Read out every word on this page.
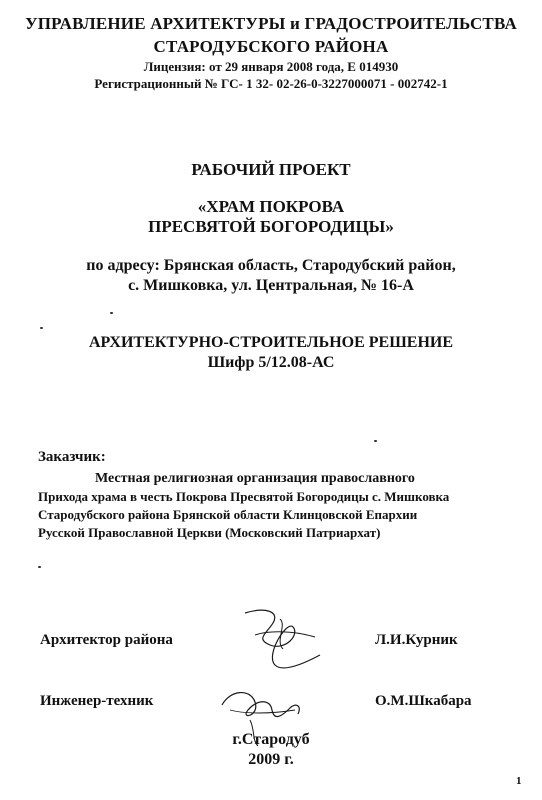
УПРАВЛЕНИЕ АРХИТЕКТУРЫ и ГРАДОСТРОИТЕЛЬСТВА
СТАРОДУБСКОГО РАЙОНА
Лицензия: от 29 января 2008 года, Е 014930
Регистрационный № ГС- 1 32- 02-26-0-3227000071 - 002742-1
РАБОЧИЙ ПРОЕКТ
«ХРАМ ПОКРОВА
ПРЕСВЯТОЙ БОГОРОДИЦЫ»
по адресу: Брянская область, Стародубский район,
с. Мишковка, ул. Центральная, № 16-А
АРХИТЕКТУРНО-СТРОИТЕЛЬНОЕ РЕШЕНИЕ
Шифр 5/12.08-АС
Заказчик:
Местная религиозная организация православного
Прихода храма в честь Покрова Пресвятой Богородицы с. Мишковка
Стародубского района Брянской области Клинцовской Епархии
Русской Православной Церкви (Московский Патриархат)
Архитектор района	Л.И.Курник
Инженер-техник	О.М.Шкабара
г.Стародуб
2009 г.
1
